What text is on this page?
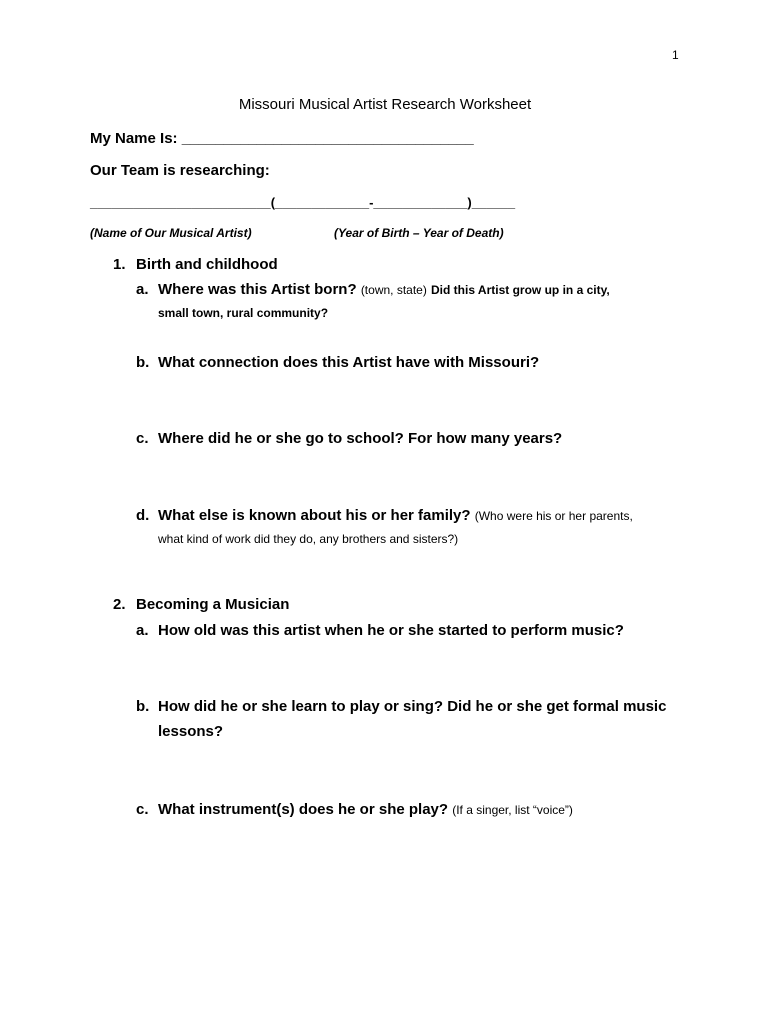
1
Missouri Musical Artist Research Worksheet
My Name Is: ___________________________________
Our Team is researching:
_________________________(_____________-_____________)______
(Name of Our Musical Artist)	(Year of Birth – Year of Death)
1. Birth and childhood
a. Where was this Artist born? (town, state) Did this Artist grow up in a city,
small town, rural community?
b. What connection does this Artist have with Missouri?
c. Where did he or she go to school? For how many years?
d. What else is known about his or her family? (Who were his or her parents,
what kind of work did they do, any brothers and sisters?)
2. Becoming a Musician
a. How old was this artist when he or she started to perform music?
b. How did he or she learn to play or sing? Did he or she get formal music
lessons?
c. What instrument(s) does he or she play? (If a singer, list “voice”)
